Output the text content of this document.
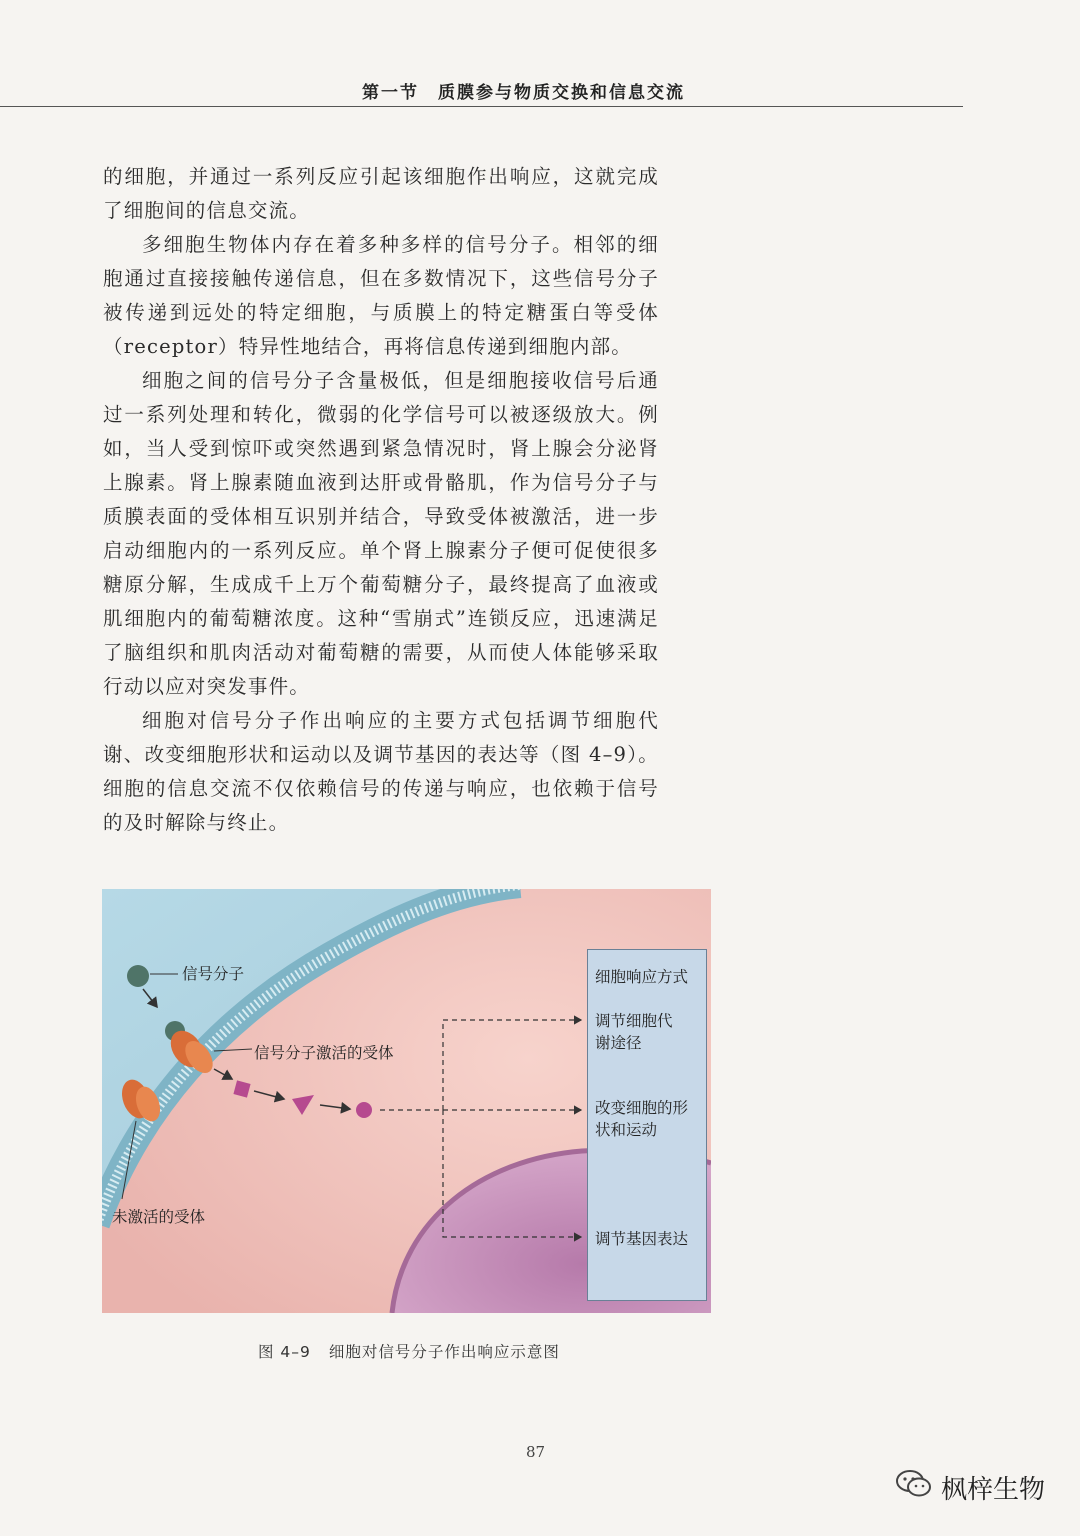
第一节　质膜参与物质交换和信息交流

的细胞，并通过一系列反应引起该细胞作出响应，这就完成了细胞间的信息交流。

多细胞生物体内存在着多种多样的信号分子。相邻的细胞通过直接接触传递信息，但在多数情况下，这些信号分子被传递到远处的特定细胞，与质膜上的特定糖蛋白等受体（receptor）特异性地结合，再将信息传递到细胞内部。

细胞之间的信号分子含量极低，但是细胞接收信号后通过一系列处理和转化，微弱的化学信号可以被逐级放大。例如，当人受到惊吓或突然遇到紧急情况时，肾上腺会分泌肾上腺素。肾上腺素随血液到达肝或骨骼肌，作为信号分子与质膜表面的受体相互识别并结合，导致受体被激活，进一步启动细胞内的一系列反应。单个肾上腺素分子便可促使很多糖原分解，生成成千上万个葡萄糖分子，最终提高了血液或肌细胞内的葡萄糖浓度。这种“雪崩式”连锁反应，迅速满足了脑组织和肌肉活动对葡萄糖的需要，从而使人体能够采取行动以应对突发事件。

细胞对信号分子作出响应的主要方式包括调节细胞代谢、改变细胞形状和运动以及调节基因的表达等（图 4–9）。细胞的信息交流不仅依赖信号的传递与响应，也依赖于信号的及时解除与终止。

信号分子
信号分子激活的受体
未激活的受体
细胞响应方式
调节细胞代谢途径
改变细胞的形状和运动
调节基因表达
图 4–9 细胞对信号分子作出响应示意图
87
枫梓生物
